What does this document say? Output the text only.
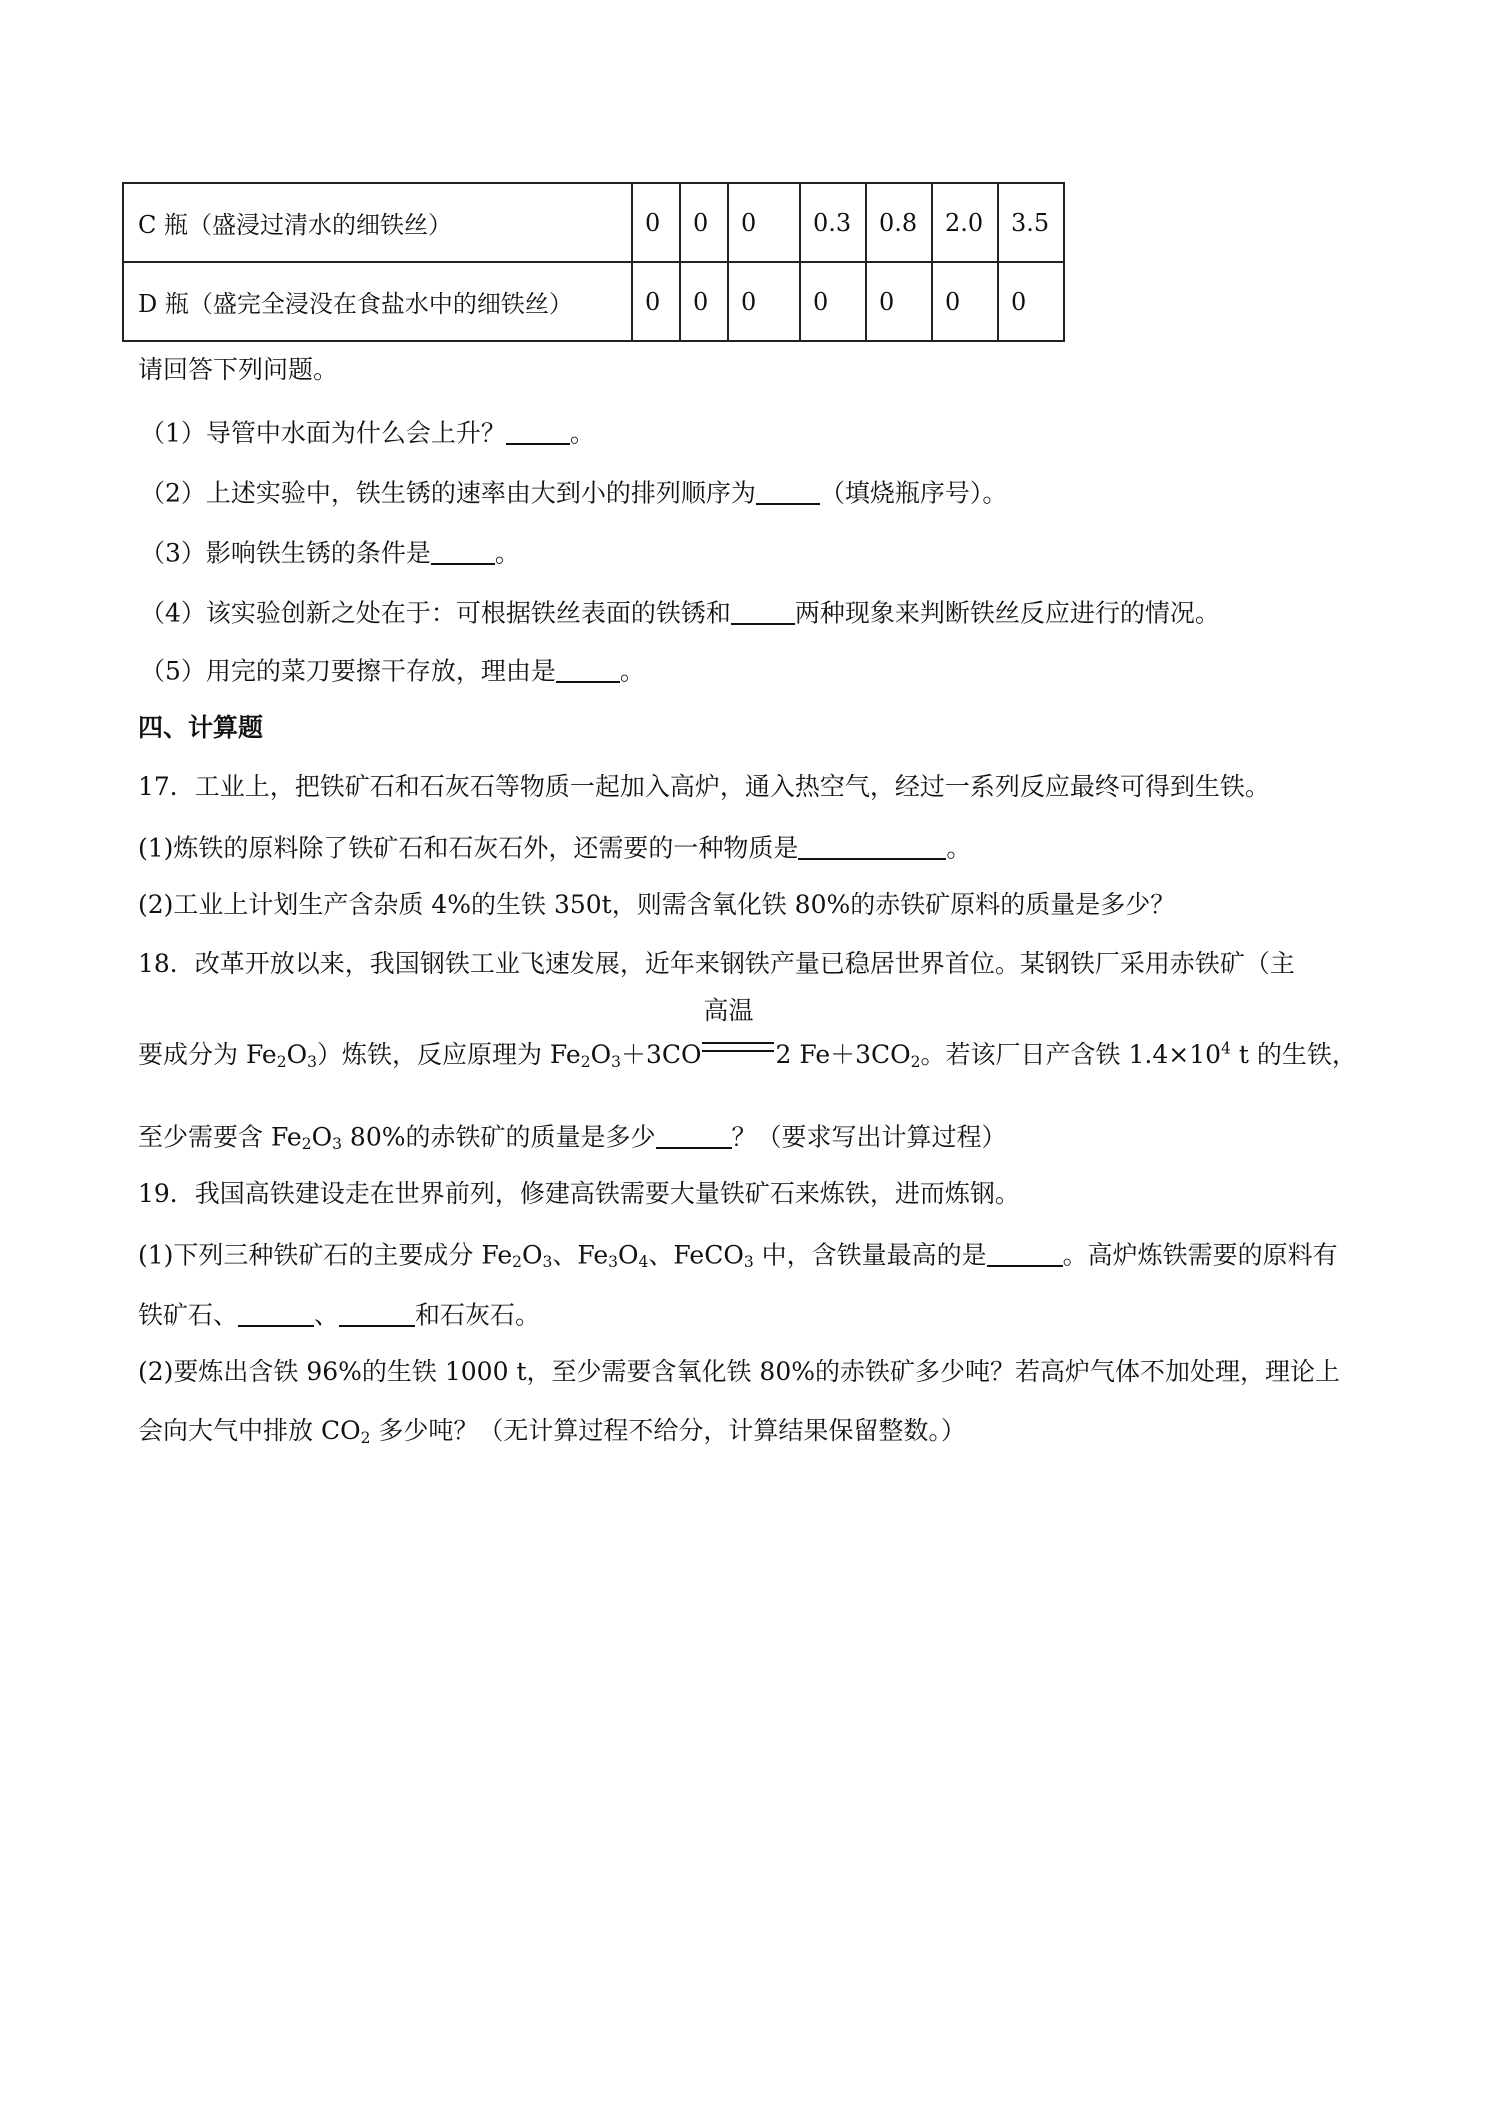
C 瓶（盛浸过清水的细铁丝）	0	0	0	0.3	0.8	2.0	3.5
D 瓶（盛完全浸没在食盐水中的细铁丝）	0	0	0	0	0	0	0
请回答下列问题。
（1）导管中水面为什么会上升？	。
（2）上述实验中，铁生锈的速率由大到小的排列顺序为	（填烧瓶序号）。
（3）影响铁生锈的条件是	。
（4）该实验创新之处在于：可根据铁丝表面的铁锈和	两种现象来判断铁丝反应进行的情况。
（5）用完的菜刀要擦干存放，理由是	。
四、计算题
17．工业上，把铁矿石和石灰石等物质一起加入高炉，通入热空气，经过一系列反应最终可得到生铁。
(1)炼铁的原料除了铁矿石和石灰石外，还需要的一种物质是	。
(2)工业上计划生产含杂质 4%的生铁 350t，则需含氧化铁 80%的赤铁矿原料的质量是多少？
18．改革开放以来，我国钢铁工业飞速发展，近年来钢铁产量已稳居世界首位。某钢铁厂采用赤铁矿（主
要成分为 $Fe_2O_3$）炼铁，反应原理为 $Fe_2O_3+3CO$
高温
2 $Fe+3CO_2$。若该厂日产含铁 $1.4\times 10^4$ t 的生铁，
至少需要含 $Fe_2O_3$ 80%的赤铁矿的质量是多少	？（要求写出计算过程）
19．我国高铁建设走在世界前列，修建高铁需要大量铁矿石来炼铁，进而炼钢。
(1)下列三种铁矿石的主要成分 $Fe_2O_3$、$Fe_3O_4$、FeCO$_3$ 中，含铁量最高的是	。高炉炼铁需要的原料有
铁矿石、	、	和石灰石。
(2)要炼出含铁 96%的生铁 1000 t，至少需要含氧化铁 80%的赤铁矿多少吨？若高炉气体不加处理，理论上
会向大气中排放 $CO_2$ 多少吨？（无计算过程不给分，计算结果保留整数。）
